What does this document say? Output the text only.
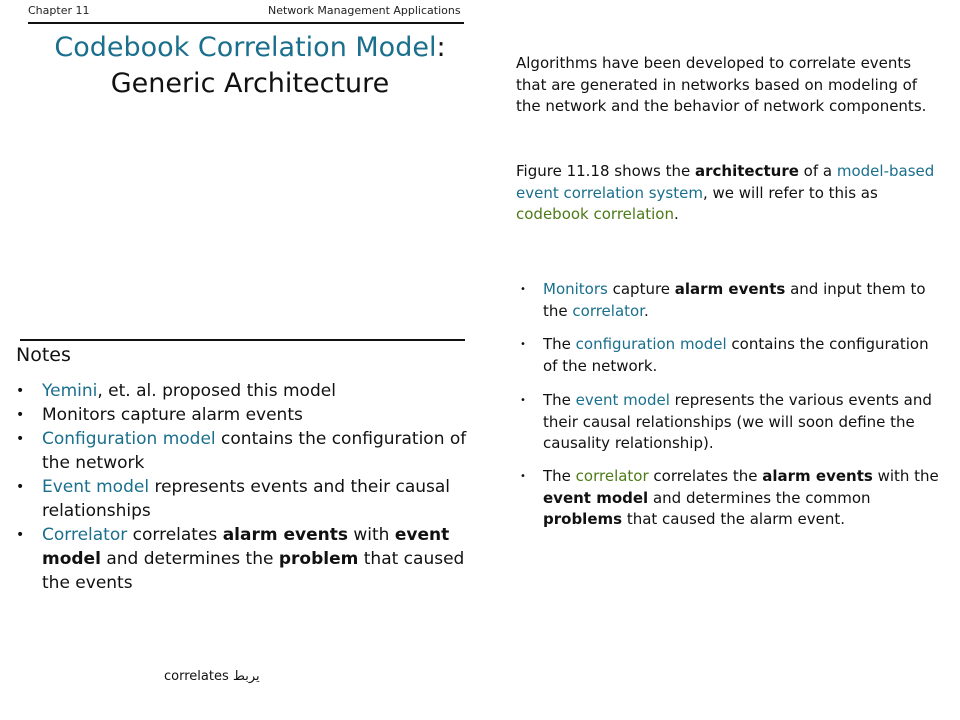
Chapter 11	Network Management Applications
Codebook Correlation Model:
Generic Architecture
Algorithms have been developed to correlate events that are generated in networks based on modeling of the network and the behavior of network components.
Figure 11.18 shows the architecture of a model-based event correlation system, we will refer to this as codebook correlation.
• Monitors capture alarm events and input them to the correlator.
• The configuration model contains the configuration of the network.
• The event model represents the various events and their causal relationships (we will soon define the causality relationship).
• The correlator correlates the alarm events with the event model and determines the common problems that caused the alarm event.
Notes
• Yemini, et. al. proposed this model
• Monitors capture alarm events
• Configuration model contains the configuration of the network
• Event model represents events and their causal relationships
• Correlator correlates alarm events with event model and determines the problem that caused the events
correlates يربط
